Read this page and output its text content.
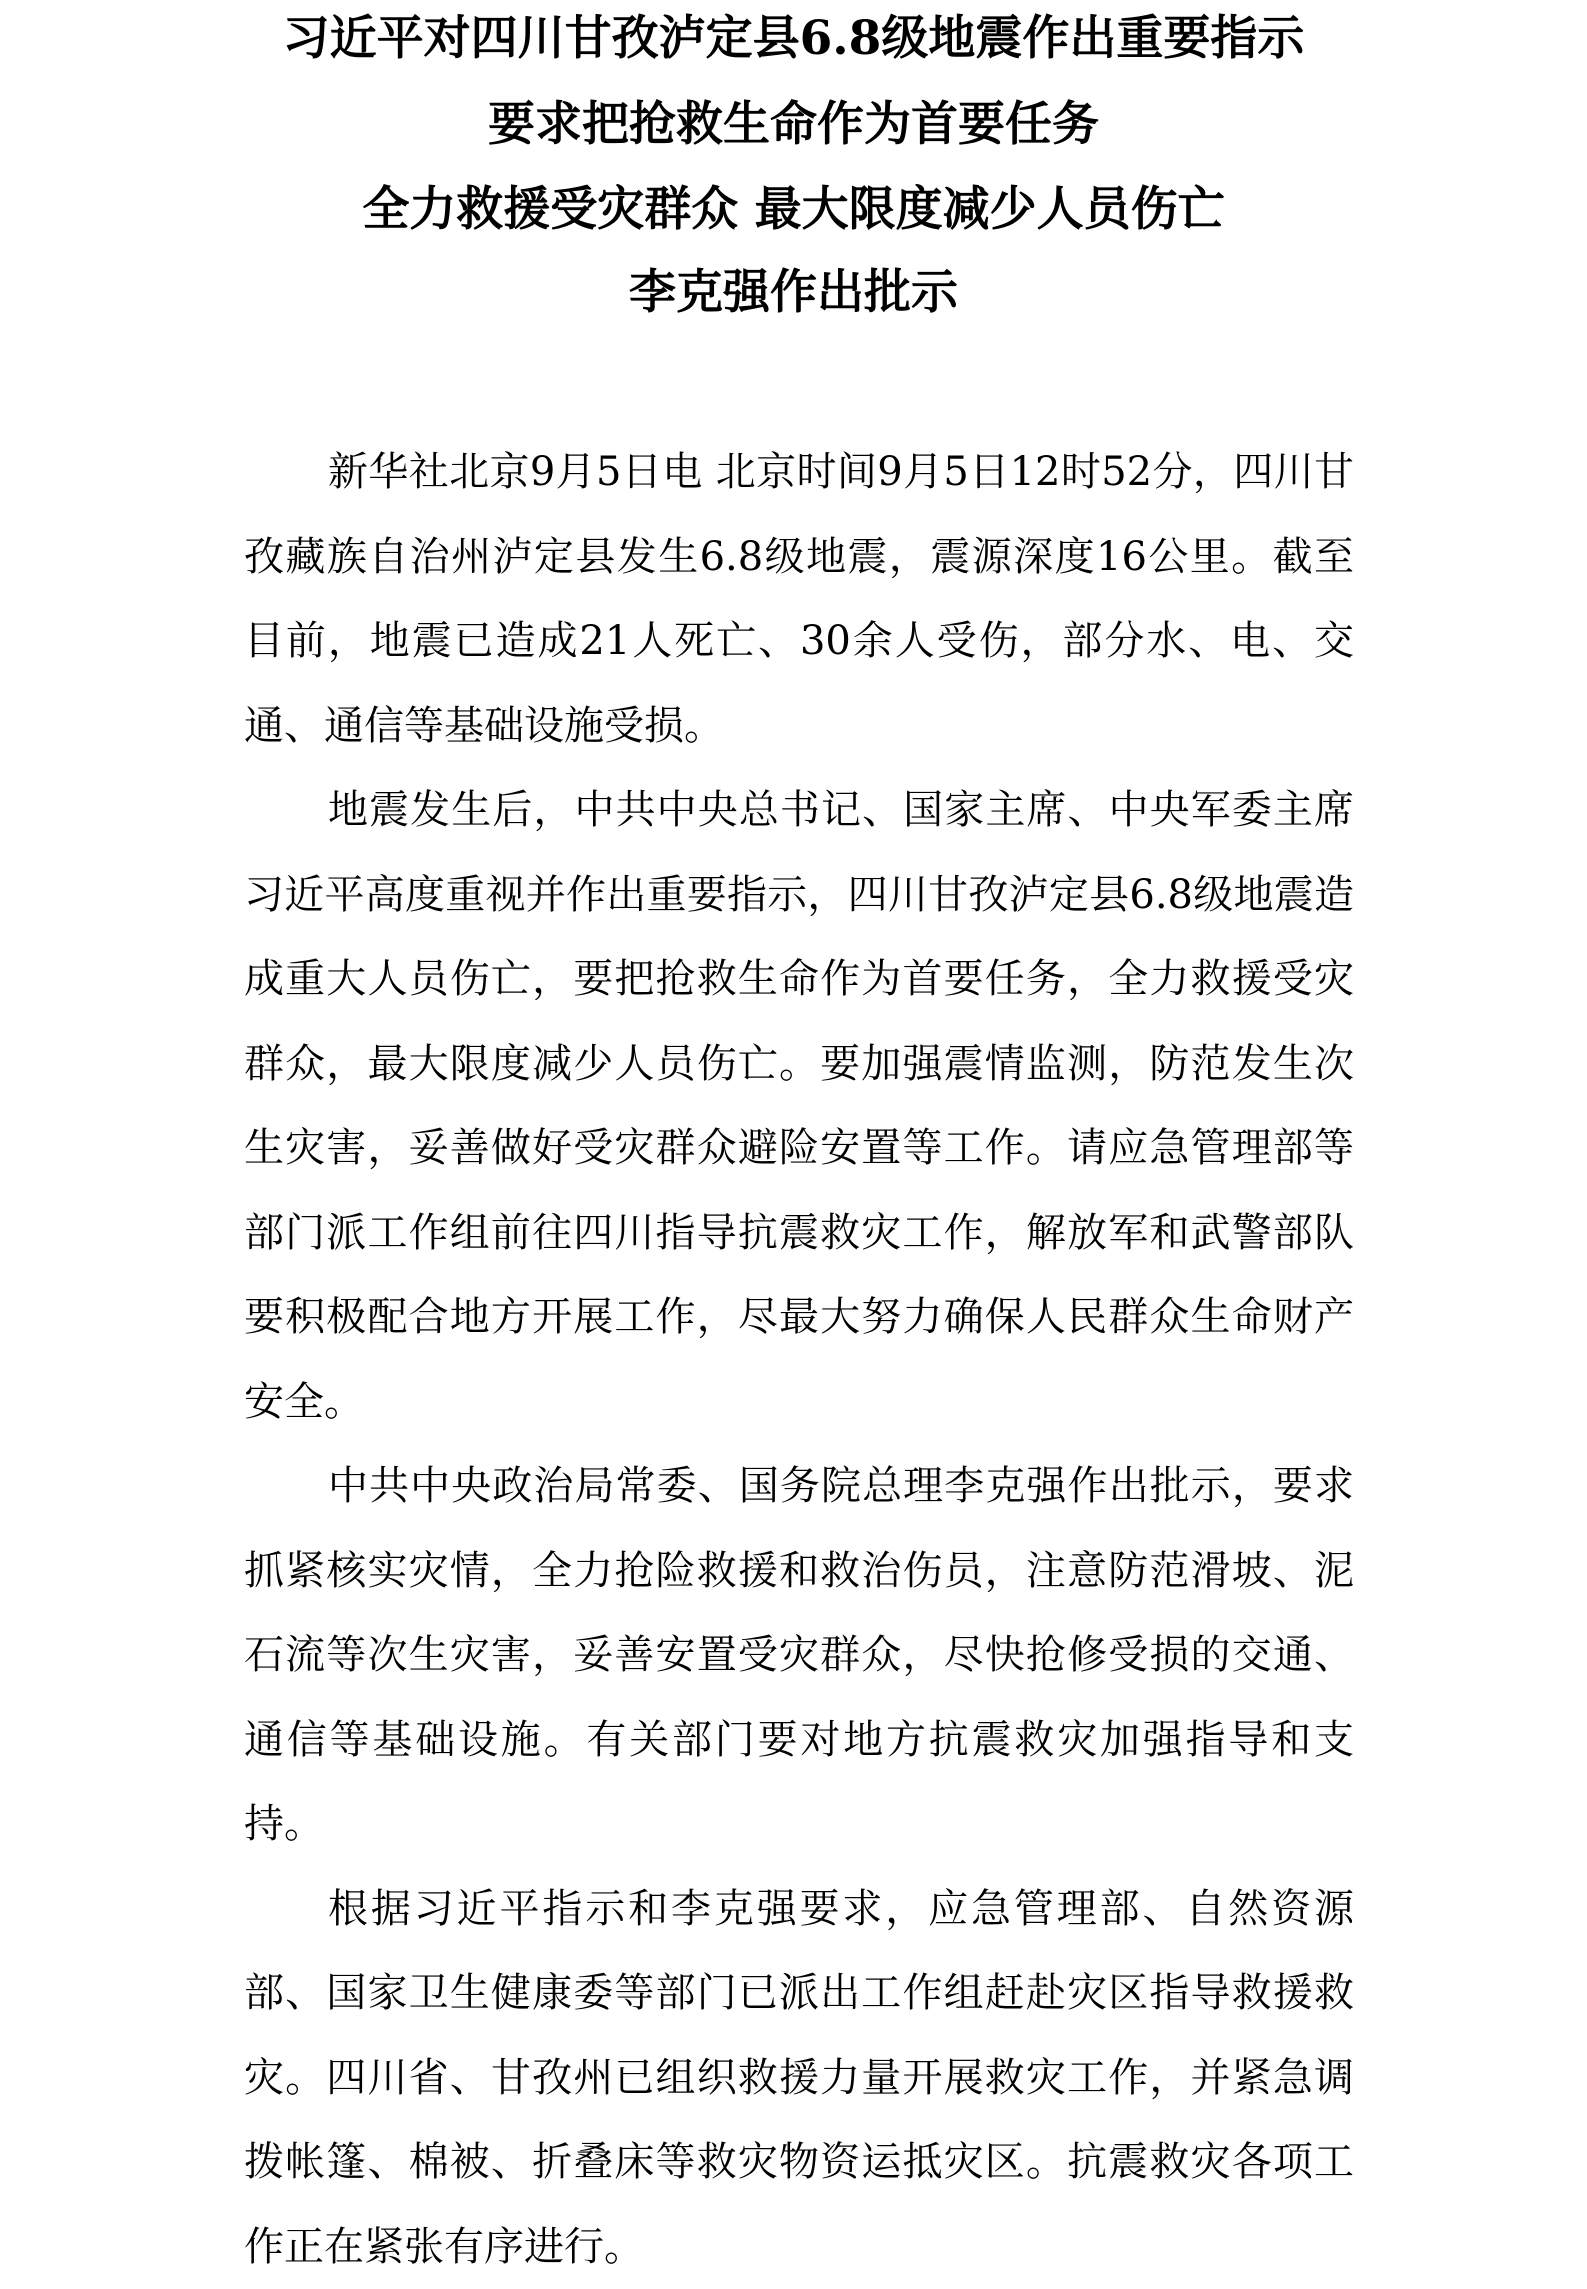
习近平对四川甘孜泸定县6.8级地震作出重要指示
要求把抢救生命作为首要任务
全力救援受灾群众 最大限度减少人员伤亡
李克强作出批示

新华社北京9月5日电 北京时间9月5日12时52分，四川甘孜藏族自治州泸定县发生6.8级地震，震源深度16公里。截至目前，地震已造成21人死亡、30余人受伤，部分水、电、交通、通信等基础设施受损。

地震发生后，中共中央总书记、国家主席、中央军委主席习近平高度重视并作出重要指示，四川甘孜泸定县6.8级地震造成重大人员伤亡，要把抢救生命作为首要任务，全力救援受灾群众，最大限度减少人员伤亡。要加强震情监测，防范发生次生灾害，妥善做好受灾群众避险安置等工作。请应急管理部等部门派工作组前往四川指导抗震救灾工作，解放军和武警部队要积极配合地方开展工作，尽最大努力确保人民群众生命财产安全。

中共中央政治局常委、国务院总理李克强作出批示，要求抓紧核实灾情，全力抢险救援和救治伤员，注意防范滑坡、泥石流等次生灾害，妥善安置受灾群众，尽快抢修受损的交通、通信等基础设施。有关部门要对地方抗震救灾加强指导和支持。

根据习近平指示和李克强要求，应急管理部、自然资源部、国家卫生健康委等部门已派出工作组赶赴灾区指导救援救灾。四川省、甘孜州已组织救援力量开展救灾工作，并紧急调拨帐篷、棉被、折叠床等救灾物资运抵灾区。抗震救灾各项工作正在紧张有序进行。
